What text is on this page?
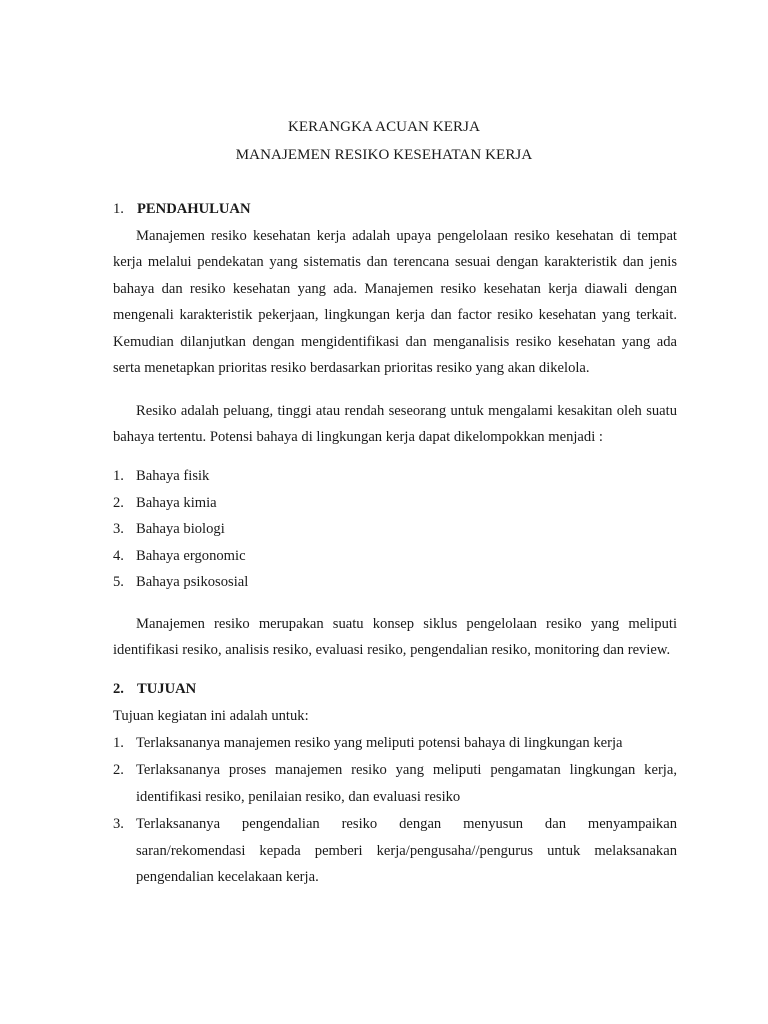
KERANGKA ACUAN KERJA
MANAJEMEN RESIKO KESEHATAN KERJA
1. PENDAHULUAN

Manajemen resiko kesehatan kerja adalah upaya pengelolaan resiko kesehatan di tempat kerja melalui pendekatan yang sistematis dan terencana sesuai dengan karakteristik dan jenis bahaya dan resiko kesehatan yang ada. Manajemen resiko kesehatan kerja diawali dengan mengenali karakteristik pekerjaan, lingkungan kerja dan factor resiko kesehatan yang terkait. Kemudian dilanjutkan dengan mengidentifikasi dan menganalisis resiko kesehatan yang ada serta menetapkan prioritas resiko berdasarkan prioritas resiko yang akan dikelola.

Resiko adalah peluang, tinggi atau rendah seseorang untuk mengalami kesakitan oleh suatu bahaya tertentu. Potensi bahaya di lingkungan kerja dapat dikelompokkan menjadi :

1. Bahaya fisik
2. Bahaya kimia
3. Bahaya biologi
4. Bahaya ergonomic
5. Bahaya psikososial

Manajemen resiko merupakan suatu konsep siklus pengelolaan resiko yang meliputi identifikasi resiko, analisis resiko, evaluasi resiko, pengendalian resiko, monitoring dan review.

2. TUJUAN

Tujuan kegiatan ini adalah untuk:

1. Terlaksananya manajemen resiko yang meliputi potensi bahaya di lingkungan kerja
2. Terlaksananya proses manajemen resiko yang meliputi pengamatan lingkungan kerja, identifikasi resiko, penilaian resiko, dan evaluasi resiko
3. Terlaksananya pengendalian resiko dengan menyusun dan menyampaikan saran/rekomendasi kepada pemberi kerja/pengusaha//pengurus untuk melaksanakan pengendalian kecelakaan kerja.
